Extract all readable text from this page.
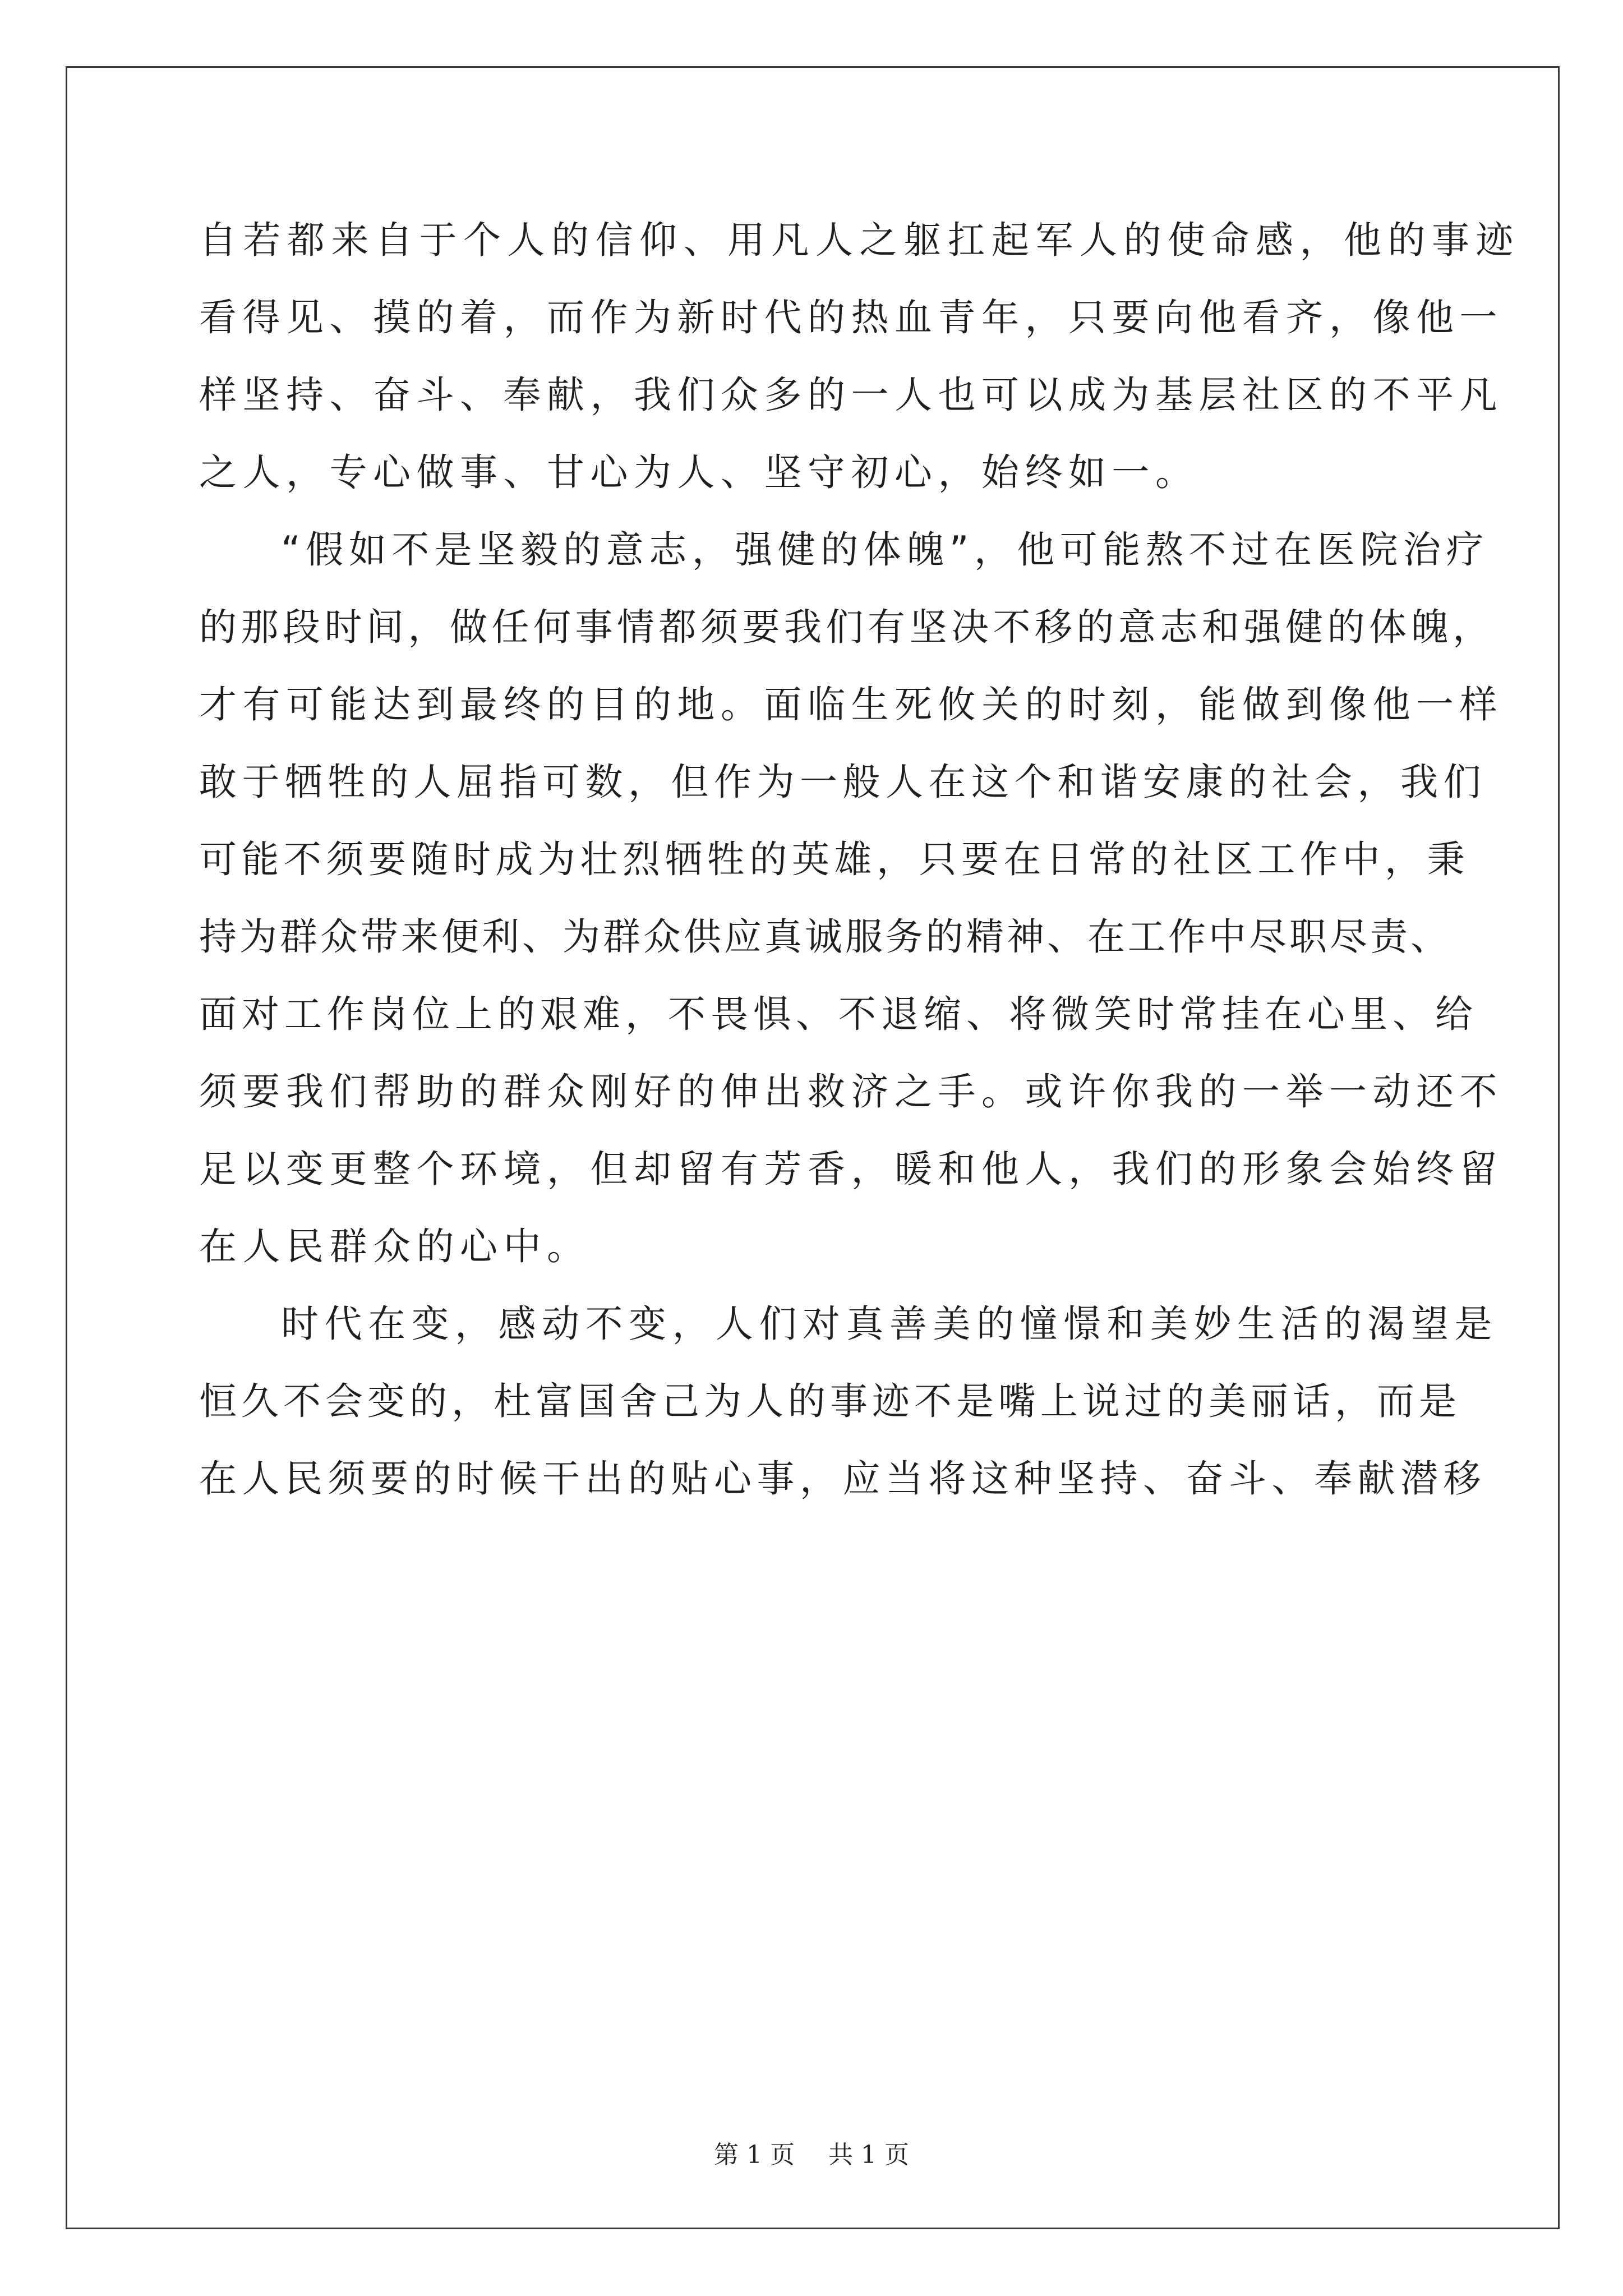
自若都来自于个人的信仰、用凡人之躯扛起军人的使命感，他的事迹
看得见、摸的着，而作为新时代的热血青年，只要向他看齐，像他一
样坚持、奋斗、奉献，我们众多的一人也可以成为基层社区的不平凡
之人，专心做事、甘心为人、坚守初心，始终如一。
“假如不是坚毅的意志，强健的体魄”，他可能熬不过在医院治疗
的那段时间，做任何事情都须要我们有坚决不移的意志和强健的体魄，
才有可能达到最终的目的地。面临生死攸关的时刻，能做到像他一样
敢于牺牲的人屈指可数，但作为一般人在这个和谐安康的社会，我们
可能不须要随时成为壮烈牺牲的英雄，只要在日常的社区工作中，秉
持为群众带来便利、为群众供应真诚服务的精神、在工作中尽职尽责、
面对工作岗位上的艰难，不畏惧、不退缩、将微笑时常挂在心里、给
须要我们帮助的群众刚好的伸出救济之手。或许你我的一举一动还不
足以变更整个环境，但却留有芳香，暖和他人，我们的形象会始终留
在人民群众的心中。
时代在变，感动不变，人们对真善美的憧憬和美妙生活的渴望是
恒久不会变的，杜富国舍己为人的事迹不是嘴上说过的美丽话，而是
在人民须要的时候干出的贴心事，应当将这种坚持、奋斗、奉献潜移
第 1 页 共 1 页
